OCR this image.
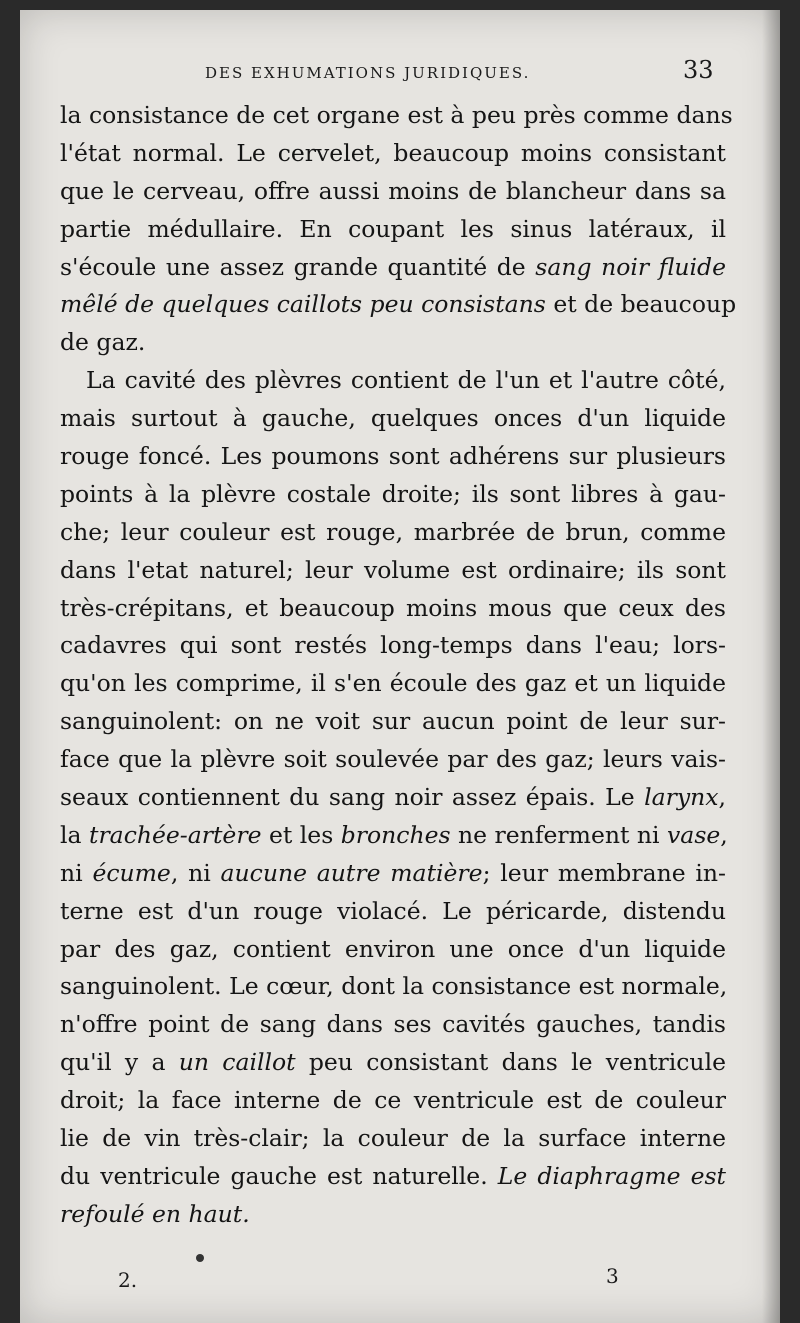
DES EXHUMATIONS JURIDIQUES.	33
la consistance de cet organe est à peu près comme dans
l'état normal. Le cervelet, beaucoup moins consistant
que le cerveau, offre aussi moins de blancheur dans sa
partie médullaire. En coupant les sinus latéraux, il
s'écoule une assez grande quantité de sang noir fluide
mêlé de quelques caillots peu consistans et de beaucoup
de gaz.
La cavité des plèvres contient de l'un et l'autre côté,
mais surtout à gauche, quelques onces d'un liquide
rouge foncé. Les poumons sont adhérens sur plusieurs
points à la plèvre costale droite; ils sont libres à gau-
che; leur couleur est rouge, marbrée de brun, comme
dans l'etat naturel; leur volume est ordinaire; ils sont
très-crépitans, et beaucoup moins mous que ceux des
cadavres qui sont restés long-temps dans l'eau; lors-
qu'on les comprime, il s'en écoule des gaz et un liquide
sanguinolent: on ne voit sur aucun point de leur sur-
face que la plèvre soit soulevée par des gaz; leurs vais-
seaux contiennent du sang noir assez épais. Le larynx,
la trachée-artère et les bronches ne renferment ni vase,
ni écume, ni aucune autre matière; leur membrane in-
terne est d'un rouge violacé. Le péricarde, distendu
par des gaz, contient environ une once d'un liquide
sanguinolent. Le cœur, dont la consistance est normale,
n'offre point de sang dans ses cavités gauches, tandis
qu'il y a un caillot peu consistant dans le ventricule
droit; la face interne de ce ventricule est de couleur
lie de vin très-clair; la couleur de la surface interne
du ventricule gauche est naturelle. Le diaphragme est
refoulé en haut.
2.	3
